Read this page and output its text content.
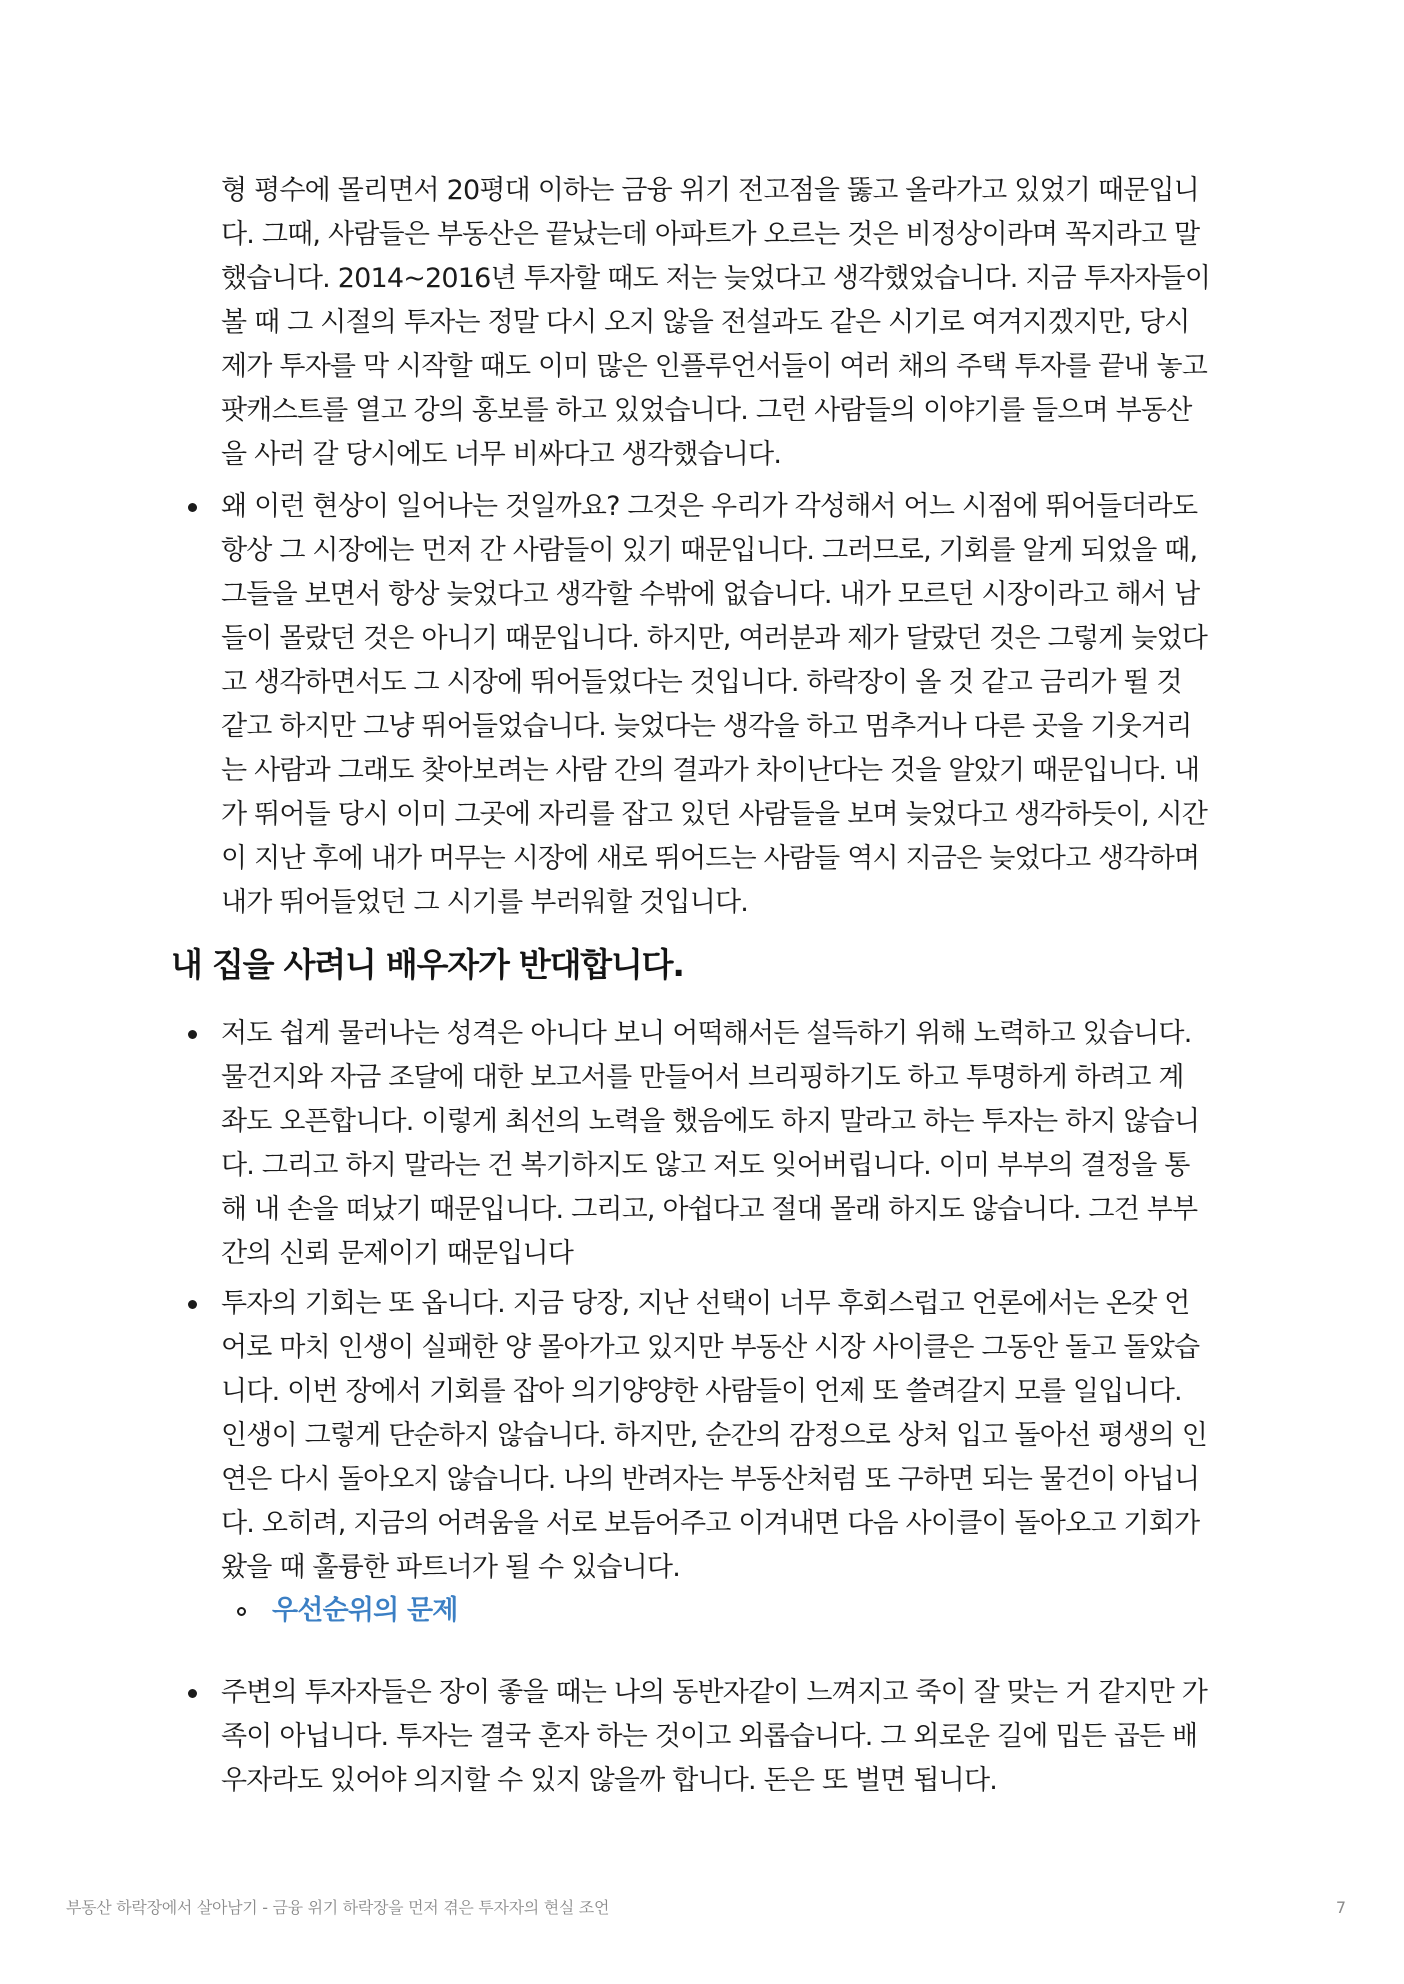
형 평수에 몰리면서 20평대 이하는 금융 위기 전고점을 뚫고 올라가고 있었기 때문입니
다. 그때, 사람들은 부동산은 끝났는데 아파트가 오르는 것은 비정상이라며 꼭지라고 말
했습니다. 2014~2016년 투자할 때도 저는 늦었다고 생각했었습니다. 지금 투자자들이
볼 때 그 시절의 투자는 정말 다시 오지 않을 전설과도 같은 시기로 여겨지겠지만, 당시
제가 투자를 막 시작할 때도 이미 많은 인플루언서들이 여러 채의 주택 투자를 끝내 놓고
팟캐스트를 열고 강의 홍보를 하고 있었습니다. 그런 사람들의 이야기를 들으며 부동산
을 사러 갈 당시에도 너무 비싸다고 생각했습니다.
왜 이런 현상이 일어나는 것일까요? 그것은 우리가 각성해서 어느 시점에 뛰어들더라도
항상 그 시장에는 먼저 간 사람들이 있기 때문입니다. 그러므로, 기회를 알게 되었을 때,
그들을 보면서 항상 늦었다고 생각할 수밖에 없습니다. 내가 모르던 시장이라고 해서 남
들이 몰랐던 것은 아니기 때문입니다. 하지만, 여러분과 제가 달랐던 것은 그렇게 늦었다
고 생각하면서도 그 시장에 뛰어들었다는 것입니다. 하락장이 올 것 같고 금리가 뛸 것
같고 하지만 그냥 뛰어들었습니다. 늦었다는 생각을 하고 멈추거나 다른 곳을 기웃거리
는 사람과 그래도 찾아보려는 사람 간의 결과가 차이난다는 것을 알았기 때문입니다. 내
가 뛰어들 당시 이미 그곳에 자리를 잡고 있던 사람들을 보며 늦었다고 생각하듯이, 시간
이 지난 후에 내가 머무는 시장에 새로 뛰어드는 사람들 역시 지금은 늦었다고 생각하며
내가 뛰어들었던 그 시기를 부러워할 것입니다.
내 집을 사려니 배우자가 반대합니다.
저도 쉽게 물러나는 성격은 아니다 보니 어떡해서든 설득하기 위해 노력하고 있습니다.
물건지와 자금 조달에 대한 보고서를 만들어서 브리핑하기도 하고 투명하게 하려고 계
좌도 오픈합니다. 이렇게 최선의 노력을 했음에도 하지 말라고 하는 투자는 하지 않습니
다. 그리고 하지 말라는 건 복기하지도 않고 저도 잊어버립니다. 이미 부부의 결정을 통
해 내 손을 떠났기 때문입니다. 그리고, 아쉽다고 절대 몰래 하지도 않습니다. 그건 부부
간의 신뢰 문제이기 때문입니다
투자의 기회는 또 옵니다. 지금 당장, 지난 선택이 너무 후회스럽고 언론에서는 온갖 언
어로 마치 인생이 실패한 양 몰아가고 있지만 부동산 시장 사이클은 그동안 돌고 돌았습
니다. 이번 장에서 기회를 잡아 의기양양한 사람들이 언제 또 쓸려갈지 모를 일입니다.
인생이 그렇게 단순하지 않습니다. 하지만, 순간의 감정으로 상처 입고 돌아선 평생의 인
연은 다시 돌아오지 않습니다. 나의 반려자는 부동산처럼 또 구하면 되는 물건이 아닙니
다. 오히려, 지금의 어려움을 서로 보듬어주고 이겨내면 다음 사이클이 돌아오고 기회가
왔을 때 훌륭한 파트너가 될 수 있습니다.
우선순위의 문제
주변의 투자자들은 장이 좋을 때는 나의 동반자같이 느껴지고 죽이 잘 맞는 거 같지만 가
족이 아닙니다. 투자는 결국 혼자 하는 것이고 외롭습니다. 그 외로운 길에 밉든 곱든 배
우자라도 있어야 의지할 수 있지 않을까 합니다. 돈은 또 벌면 됩니다.
부동산 하락장에서 살아남기 - 금융 위기 하락장을 먼저 겪은 투자자의 현실 조언	7
